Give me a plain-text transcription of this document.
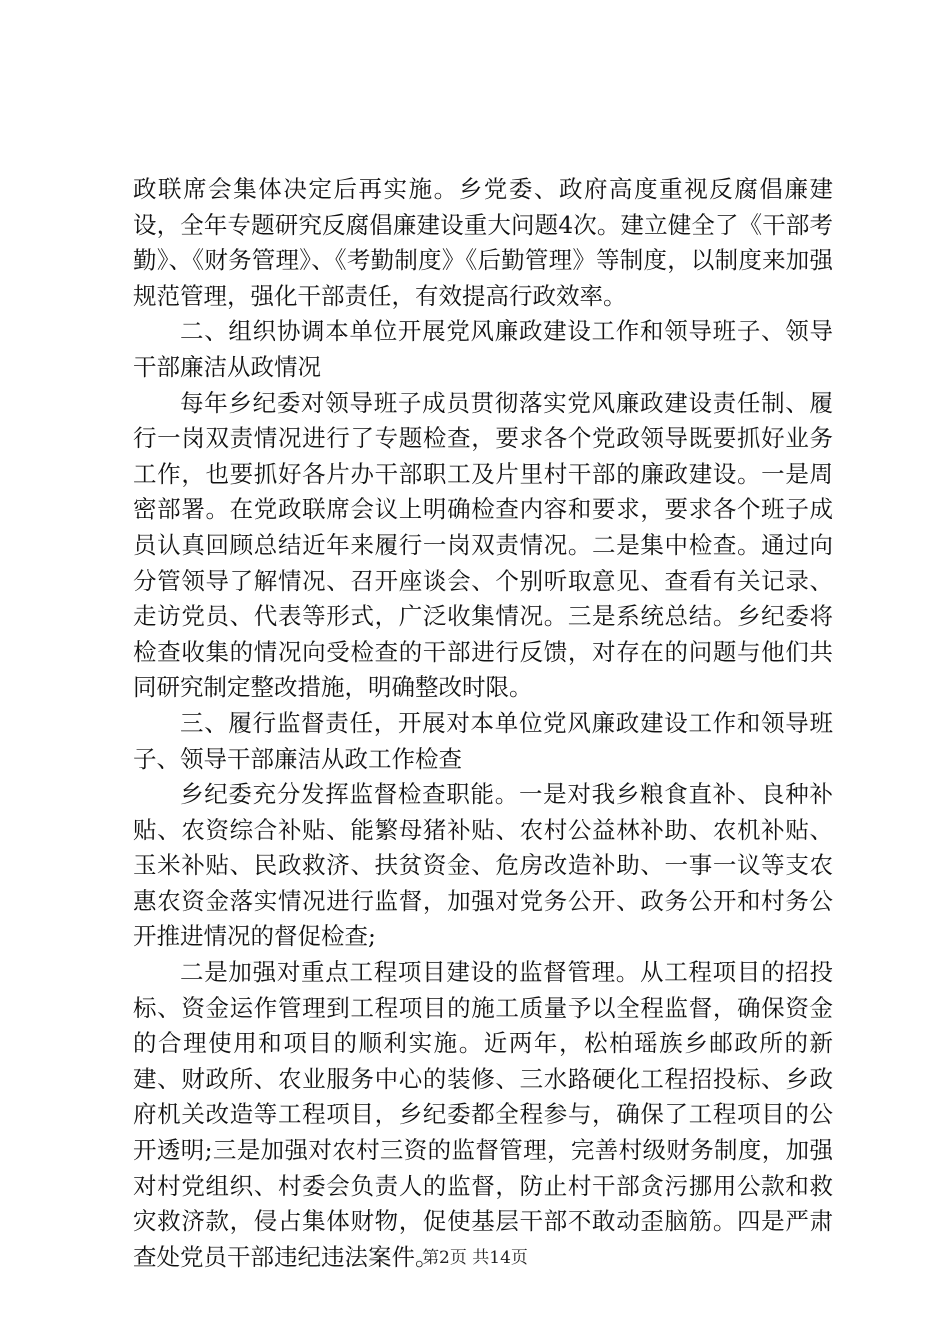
政联席会集体决定后再实施。乡党委、政府高度重视反腐倡廉建设，全年专题研究反腐倡廉建设重大问题4次。建立健全了《干部考勤》、《财务管理》、《考勤制度》《后勤管理》等制度，以制度来加强规范管理，强化干部责任，有效提高行政效率。

二、组织协调本单位开展党风廉政建设工作和领导班子、领导干部廉洁从政情况

每年乡纪委对领导班子成员贯彻落实党风廉政建设责任制、履行一岗双责情况进行了专题检查，要求各个党政领导既要抓好业务工作，也要抓好各片办干部职工及片里村干部的廉政建设。一是周密部署。在党政联席会议上明确检查内容和要求，要求各个班子成员认真回顾总结近年来履行一岗双责情况。二是集中检查。通过向分管领导了解情况、召开座谈会、个别听取意见、查看有关记录、走访党员、代表等形式，广泛收集情况。三是系统总结。乡纪委将检查收集的情况向受检查的干部进行反馈，对存在的问题与他们共同研究制定整改措施，明确整改时限。

三、履行监督责任，开展对本单位党风廉政建设工作和领导班子、领导干部廉洁从政工作检查

乡纪委充分发挥监督检查职能。一是对我乡粮食直补、良种补贴、农资综合补贴、能繁母猪补贴、农村公益林补助、农机补贴、玉米补贴、民政救济、扶贫资金、危房改造补助、一事一议等支农惠农资金落实情况进行监督，加强对党务公开、政务公开和村务公开推进情况的督促检查;

二是加强对重点工程项目建设的监督管理。从工程项目的招投标、资金运作管理到工程项目的施工质量予以全程监督，确保资金的合理使用和项目的顺利实施。近两年，松柏瑶族乡邮政所的新建、财政所、农业服务中心的装修、三水路硬化工程招投标、乡政府机关改造等工程项目，乡纪委都全程参与，确保了工程项目的公开透明;三是加强对农村三资的监督管理，完善村级财务制度，加强对村党组织、村委会负责人的监督，防止村干部贪污挪用公款和救灾救济款，侵占集体财物，促使基层干部不敢动歪脑筋。四是严肃查处党员干部违纪违法案件。

第2页 共14页
